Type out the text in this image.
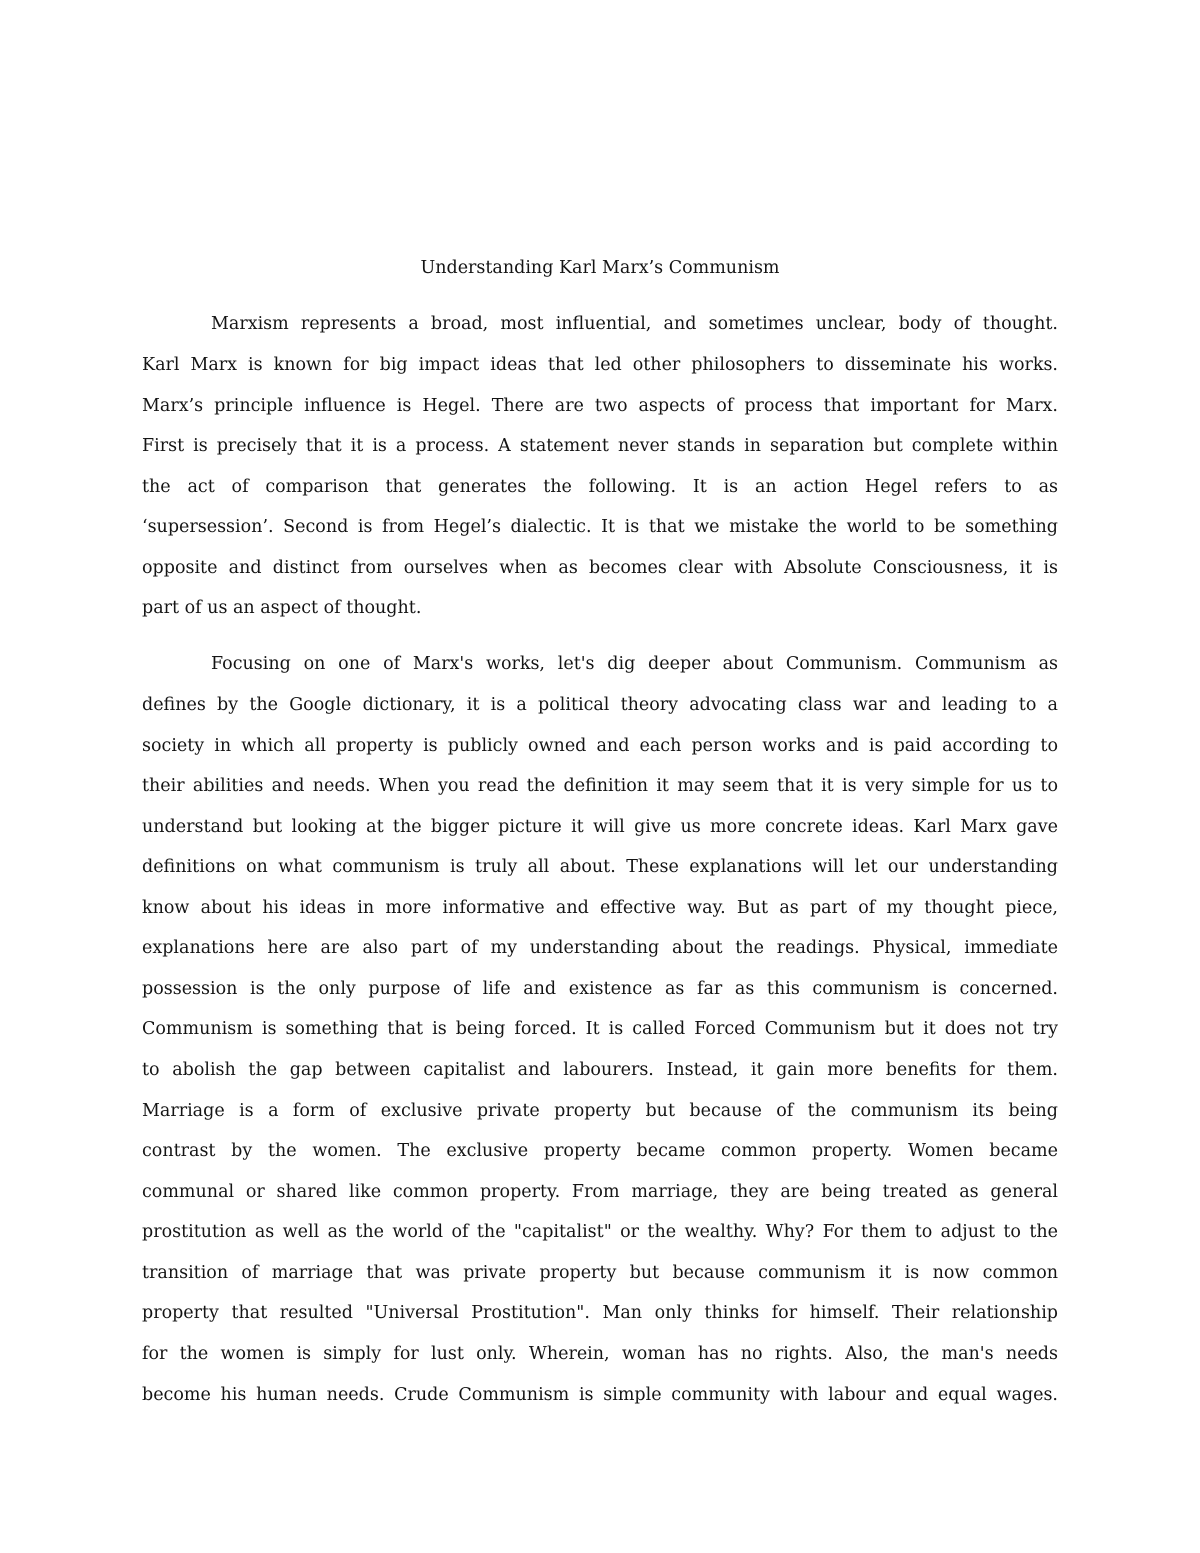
Understanding Karl Marx’s Communism
Marxism represents a broad, most influential, and sometimes unclear, body of thought.
Karl Marx is known for big impact ideas that led other philosophers to disseminate his works.
Marx’s principle influence is Hegel. There are two aspects of process that important for Marx.
First is precisely that it is a process. A statement never stands in separation but complete within
the act of comparison that generates the following. It is an action Hegel refers to as
‘supersession’. Second is from Hegel’s dialectic. It is that we mistake the world to be something
opposite and distinct from ourselves when as becomes clear with Absolute Consciousness, it is
part of us an aspect of thought.
Focusing on one of Marx's works, let's dig deeper about Communism. Communism as
defines by the Google dictionary, it is a political theory advocating class war and leading to a
society in which all property is publicly owned and each person works and is paid according to
their abilities and needs. When you read the definition it may seem that it is very simple for us to
understand but looking at the bigger picture it will give us more concrete ideas. Karl Marx gave
definitions on what communism is truly all about. These explanations will let our understanding
know about his ideas in more informative and effective way. But as part of my thought piece,
explanations here are also part of my understanding about the readings. Physical, immediate
possession is the only purpose of life and existence as far as this communism is concerned.
Communism is something that is being forced. It is called Forced Communism but it does not try
to abolish the gap between capitalist and labourers. Instead, it gain more benefits for them.
Marriage is a form of exclusive private property but because of the communism its being
contrast by the women. The exclusive property became common property. Women became
communal or shared like common property. From marriage, they are being treated as general
prostitution as well as the world of the "capitalist" or the wealthy. Why? For them to adjust to the
transition of marriage that was private property but because communism it is now common
property that resulted "Universal Prostitution". Man only thinks for himself. Their relationship
for the women is simply for lust only. Wherein, woman has no rights. Also, the man's needs
become his human needs. Crude Communism is simple community with labour and equal wages.
